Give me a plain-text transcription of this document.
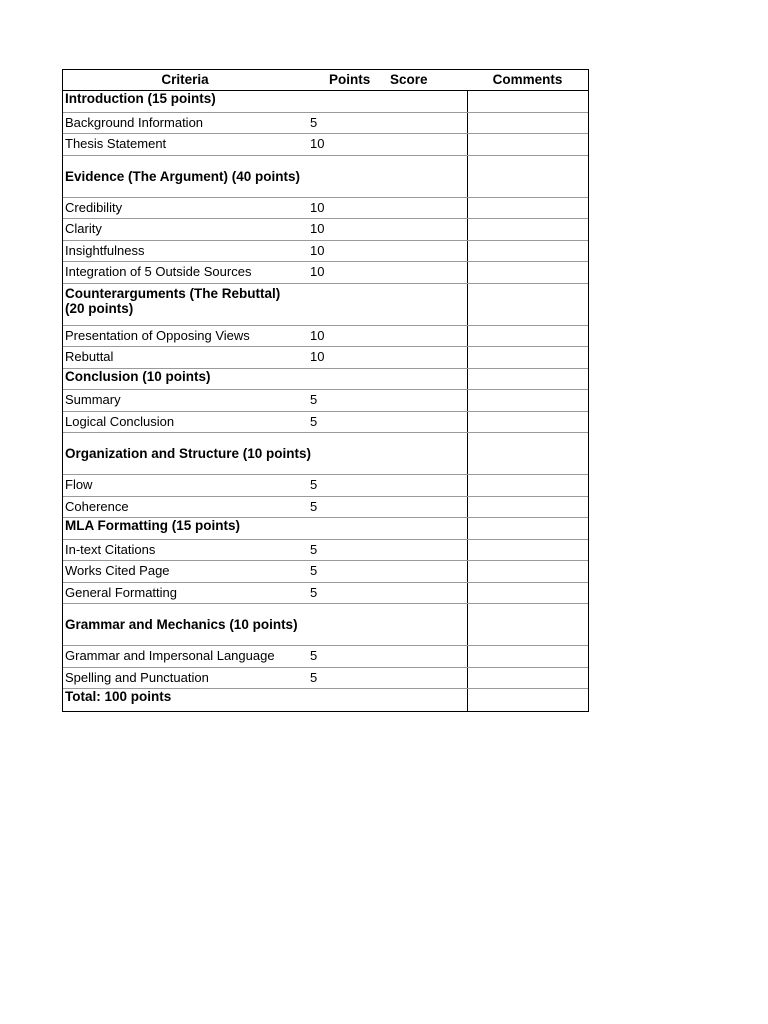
Criteria	Points	Score	Comments
Introduction (15 points)
Background Information	5
Thesis Statement	10
Evidence (The Argument) (40 points)
Credibility	10
Clarity	10
Insightfulness	10
Integration of 5 Outside Sources	10
Counterarguments (The Rebuttal) (20 points)
Presentation of Opposing Views	10
Rebuttal	10
Conclusion (10 points)
Summary	5
Logical Conclusion	5
Organization and Structure (10 points)
Flow	5
Coherence	5
MLA Formatting (15 points)
In-text Citations	5
Works Cited Page	5
General Formatting	5
Grammar and Mechanics (10 points)
Grammar and Impersonal Language	5
Spelling and Punctuation	5
Total: 100 points
